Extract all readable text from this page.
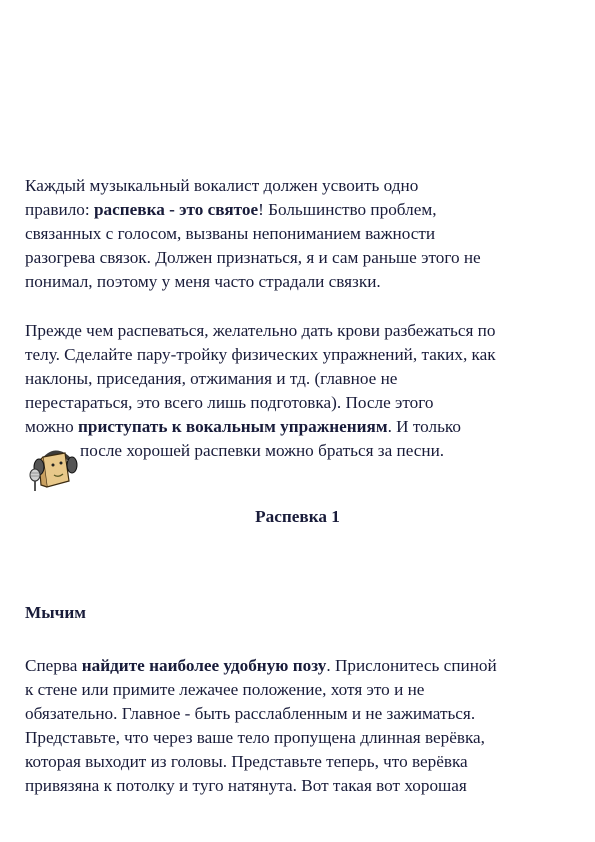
Каждый музыкальный вокалист должен усвоить одно
правило: распевка - это святое! Большинство проблем,
связанных с голосом, вызваны непониманием важности
разогрева связок. Должен признаться, я и сам раньше этого не
понимал, поэтому у меня часто страдали связки.
Прежде чем распеваться, желательно дать крови разбежаться по
телу. Сделайте пару-тройку физических упражнений, таких, как
наклоны, приседания, отжимания и тд. (главное не
перестараться, это всего лишь подготовка). После этого
можно приступать к вокальным упражнениям. И только
после хорошей распевки можно браться за песни.
Распевка 1
Мычим
Сперва найдите наиболее удобную позу. Прислонитесь спиной
к стене или примите лежачее положение, хотя это и не
обязательно. Главное - быть расслабленным и не зажиматься.
Представьте, что через ваше тело пропущена длинная верёвка,
которая выходит из головы. Представьте теперь, что верёвка
привязяна к потолку и туго натянута. Вот такая вот хорошая
